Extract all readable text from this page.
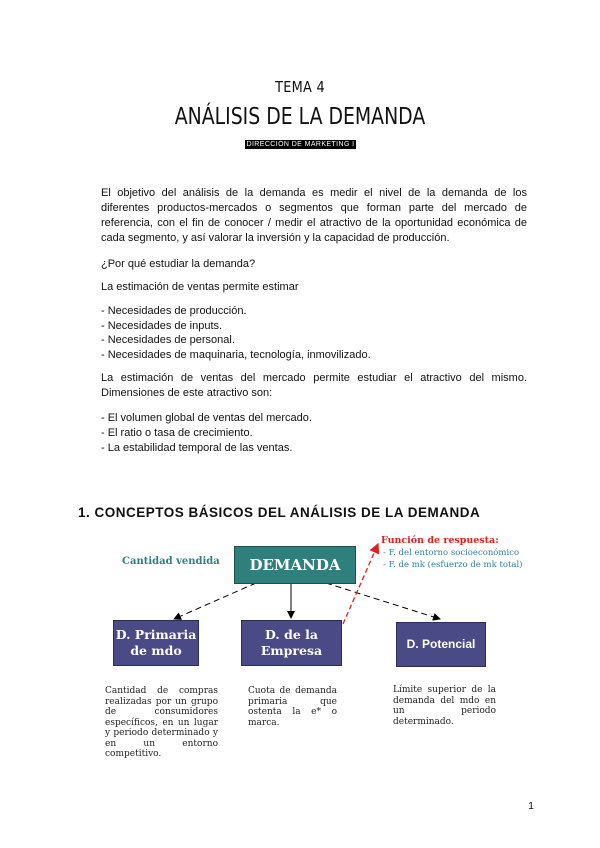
TEMA 4
ANÁLISIS DE LA DEMANDA
DIRECCIÓN DE MARKETING I

El objetivo del análisis de la demanda es medir el nivel de la demanda de los diferentes productos-mercados o segmentos que forman parte del mercado de referencia, con el fin de conocer / medir el atractivo de la oportunidad económica de cada segmento, y así valorar la inversión y la capacidad de producción.

¿Por qué estudiar la demanda?
La estimación de ventas permite estimar
- Necesidades de producción.
- Necesidades de inputs.
- Necesidades de personal.
- Necesidades de maquinaria, tecnología, inmovilizado.

La estimación de ventas del mercado permite estudiar el atractivo del mismo. Dimensiones de este atractivo son:

- El volumen global de ventas del mercado.
- El ratio o tasa de crecimiento.
- La estabilidad temporal de las ventas.
1. CONCEPTOS BÁSICOS DEL ANÁLISIS DE LA DEMANDA
Cantidad vendida	DEMANDA
Función de respuesta:
- F. del entorno socioeconómico
- F. de mk (esfuerzo de mk total)
D. Primaria
de mdo
D. de la
Empresa	D. Potencial
Cantidad de compras realizadas por un grupo de consumidores específicos, en un lugar y periodo determinado y en un entorno competitivo.
Cuota de demanda primaria que ostenta la e* o marca.
Límite superior de la demanda del mdo en un periodo determinado.
1
